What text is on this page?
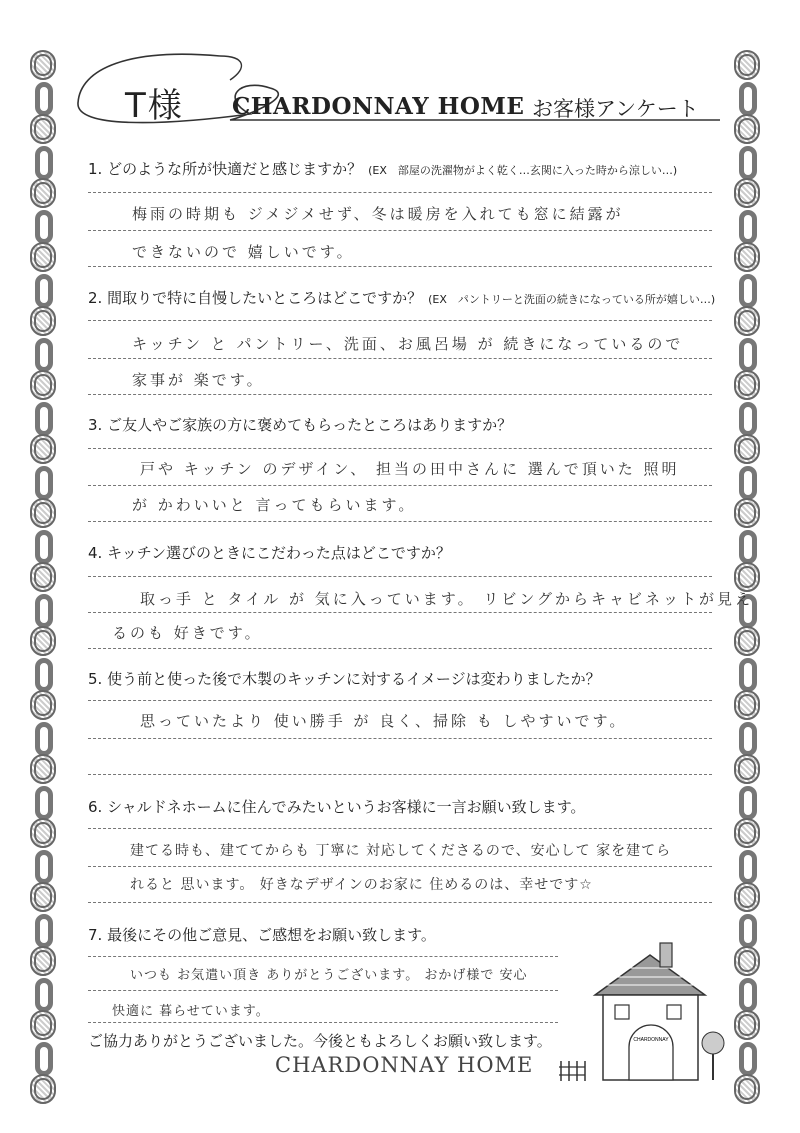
T様 CHARDONNAY HOME お客様アンケート
1. どのような所が快適だと感じますか？ (EX　部屋の洗濯物がよく乾く…玄関に入った時から涼しい…)
梅雨の時期も ジメジメせず、冬は暖房を入れても窓に結露が
できないので 嬉しいです。
2. 間取りで特に自慢したいところはどこですか？ (EX　パントリーと洗面の続きになっている所が嬉しい…)
キッチン と パントリー、洗面、お風呂場 が 続きになっているので
家事が 楽です。
3. ご友人やご家族の方に褒めてもらったところはありますか？
戸や キッチン のデザイン、 担当の田中さんに 選んで頂いた 照明
が かわいいと 言ってもらいます。
4. キッチン選びのときにこだわった点はどこですか？
取っ手 と タイル が 気に入っています。 リビングからキャビネットが見え
るのも 好きです。
5. 使う前と使った後で木製のキッチンに対するイメージは変わりましたか？
思っていたより 使い勝手 が 良く、掃除 も しやすいです。
6. シャルドネホームに住んでみたいというお客様に一言お願い致します。
建てる時も、建ててからも 丁寧に 対応してくださるので、安心して 家を建てら
れると 思います。 好きなデザインのお家に 住めるのは、幸せです☆
7. 最後にその他ご意見、ご感想をお願い致します。
いつも お気遣い頂き ありがとうございます。 おかげ様で 安心
快適に 暮らせています。
ご協力ありがとうございました。今後ともよろしくお願い致します。
CHARDONNAY HOME
CHARDONNAY
